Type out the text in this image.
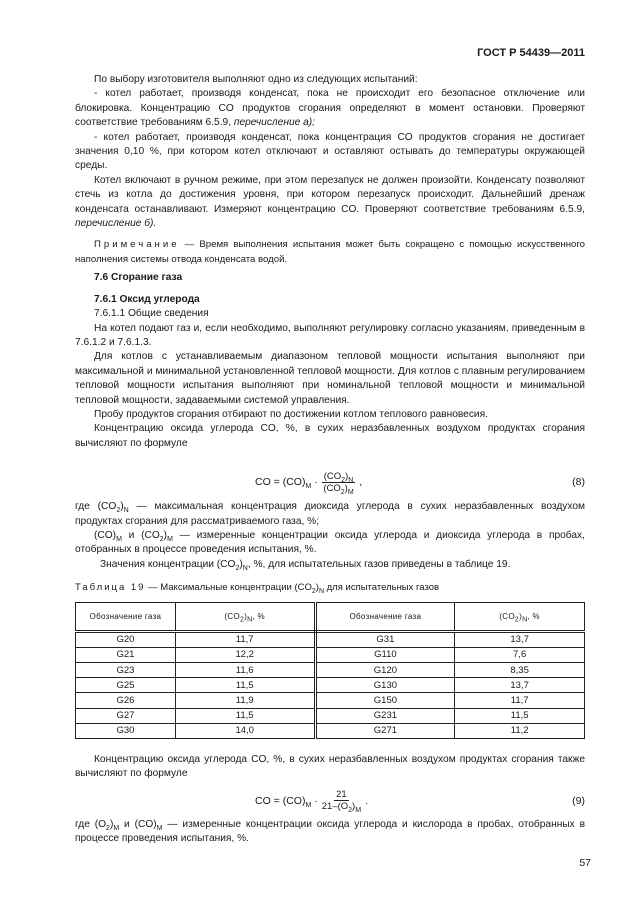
ГОСТ Р 54439—2011
По выбору изготовителя выполняют одно из следующих испытаний:
- котел работает, производя конденсат, пока не происходит его безопасное отключение или блокировка. Концентрацию CO продуктов сгорания определяют в момент остановки. Проверяют соответствие требованиям 6.5.9, перечисление а);
- котел работает, производя конденсат, пока концентрация CO продуктов сгорания не достигает значения 0,10 %, при котором котел отключают и оставляют остывать до температуры окружающей среды.
Котел включают в ручном режиме, при этом перезапуск не должен произойти. Конденсату позволяют стечь из котла до достижения уровня, при котором перезапуск происходит. Дальнейший дренаж конденсата останавливают. Измеряют концентрацию CO. Проверяют соответствие требованиям 6.5.9, перечисление б).
Примечание — Время выполнения испытания может быть сокращено с помощью искусственного наполнения системы отвода конденсата водой.
7.6 Сгорание газа
7.6.1 Оксид углерода
7.6.1.1 Общие сведения
На котел подают газ и, если необходимо, выполняют регулировку согласно указаниям, приведенным в 7.6.1.2 и 7.6.1.3.
Для котлов с устанавливаемым диапазоном тепловой мощности испытания выполняют при максимальной и минимальной установленной тепловой мощности. Для котлов с плавным регулированием тепловой мощности испытания выполняют при номинальной тепловой мощности и минимальной тепловой мощности, задаваемыми системой управления.
Пробу продуктов сгорания отбирают по достижении котлом теплового равновесия.
Концентрацию оксида углерода CO, %, в сухих неразбавленных воздухом продуктах сгорания вычисляют по формуле
CO = $(CO)_M \cdot \frac{(CO_2)_N}{(CO_2)_M}$ ,	(8)
где $(CO_2)_N$ — максимальная концентрация диоксида углерода в сухих неразбавленных воздухом продуктах сгорания для рассматриваемого газа, %;
$(CO)_M$ и $(CO_2)_M$ — измеренные концентрации оксида углерода и диоксида углерода в пробах, отобранных в процессе проведения испытания, %.
Значения концентрации $(CO_2)_N$, %, для испытательных газов приведены в таблице 19.
Таблица 19 — Максимальные концентрации $(CO_2)_N$ для испытательных газов
Обозначение газа	$(CO_2)_N$, %	Обозначение газа	$(CO_2)_N$, %
G20	11,7	G31	13,7
G21	12,2	G110	7,6
G23	11,6	G120	8,35
G25	11,5	G130	13,7
G26	11,9	G150	11,7
G27	11,5	G231	11,5
G30	14,0	G271	11,2
Концентрацию оксида углерода CO, %, в сухих неразбавленных воздухом продуктах сгорания также вычисляют по формуле
CO = $(CO)_M \cdot \frac{21}{21-(O_2)_M}$ .	(9)
где $(O_2)_M$ и $(CO)_M$ — измеренные концентрации оксида углерода и кислорода в пробах, отобранных в процессе проведения испытания, %.
57
